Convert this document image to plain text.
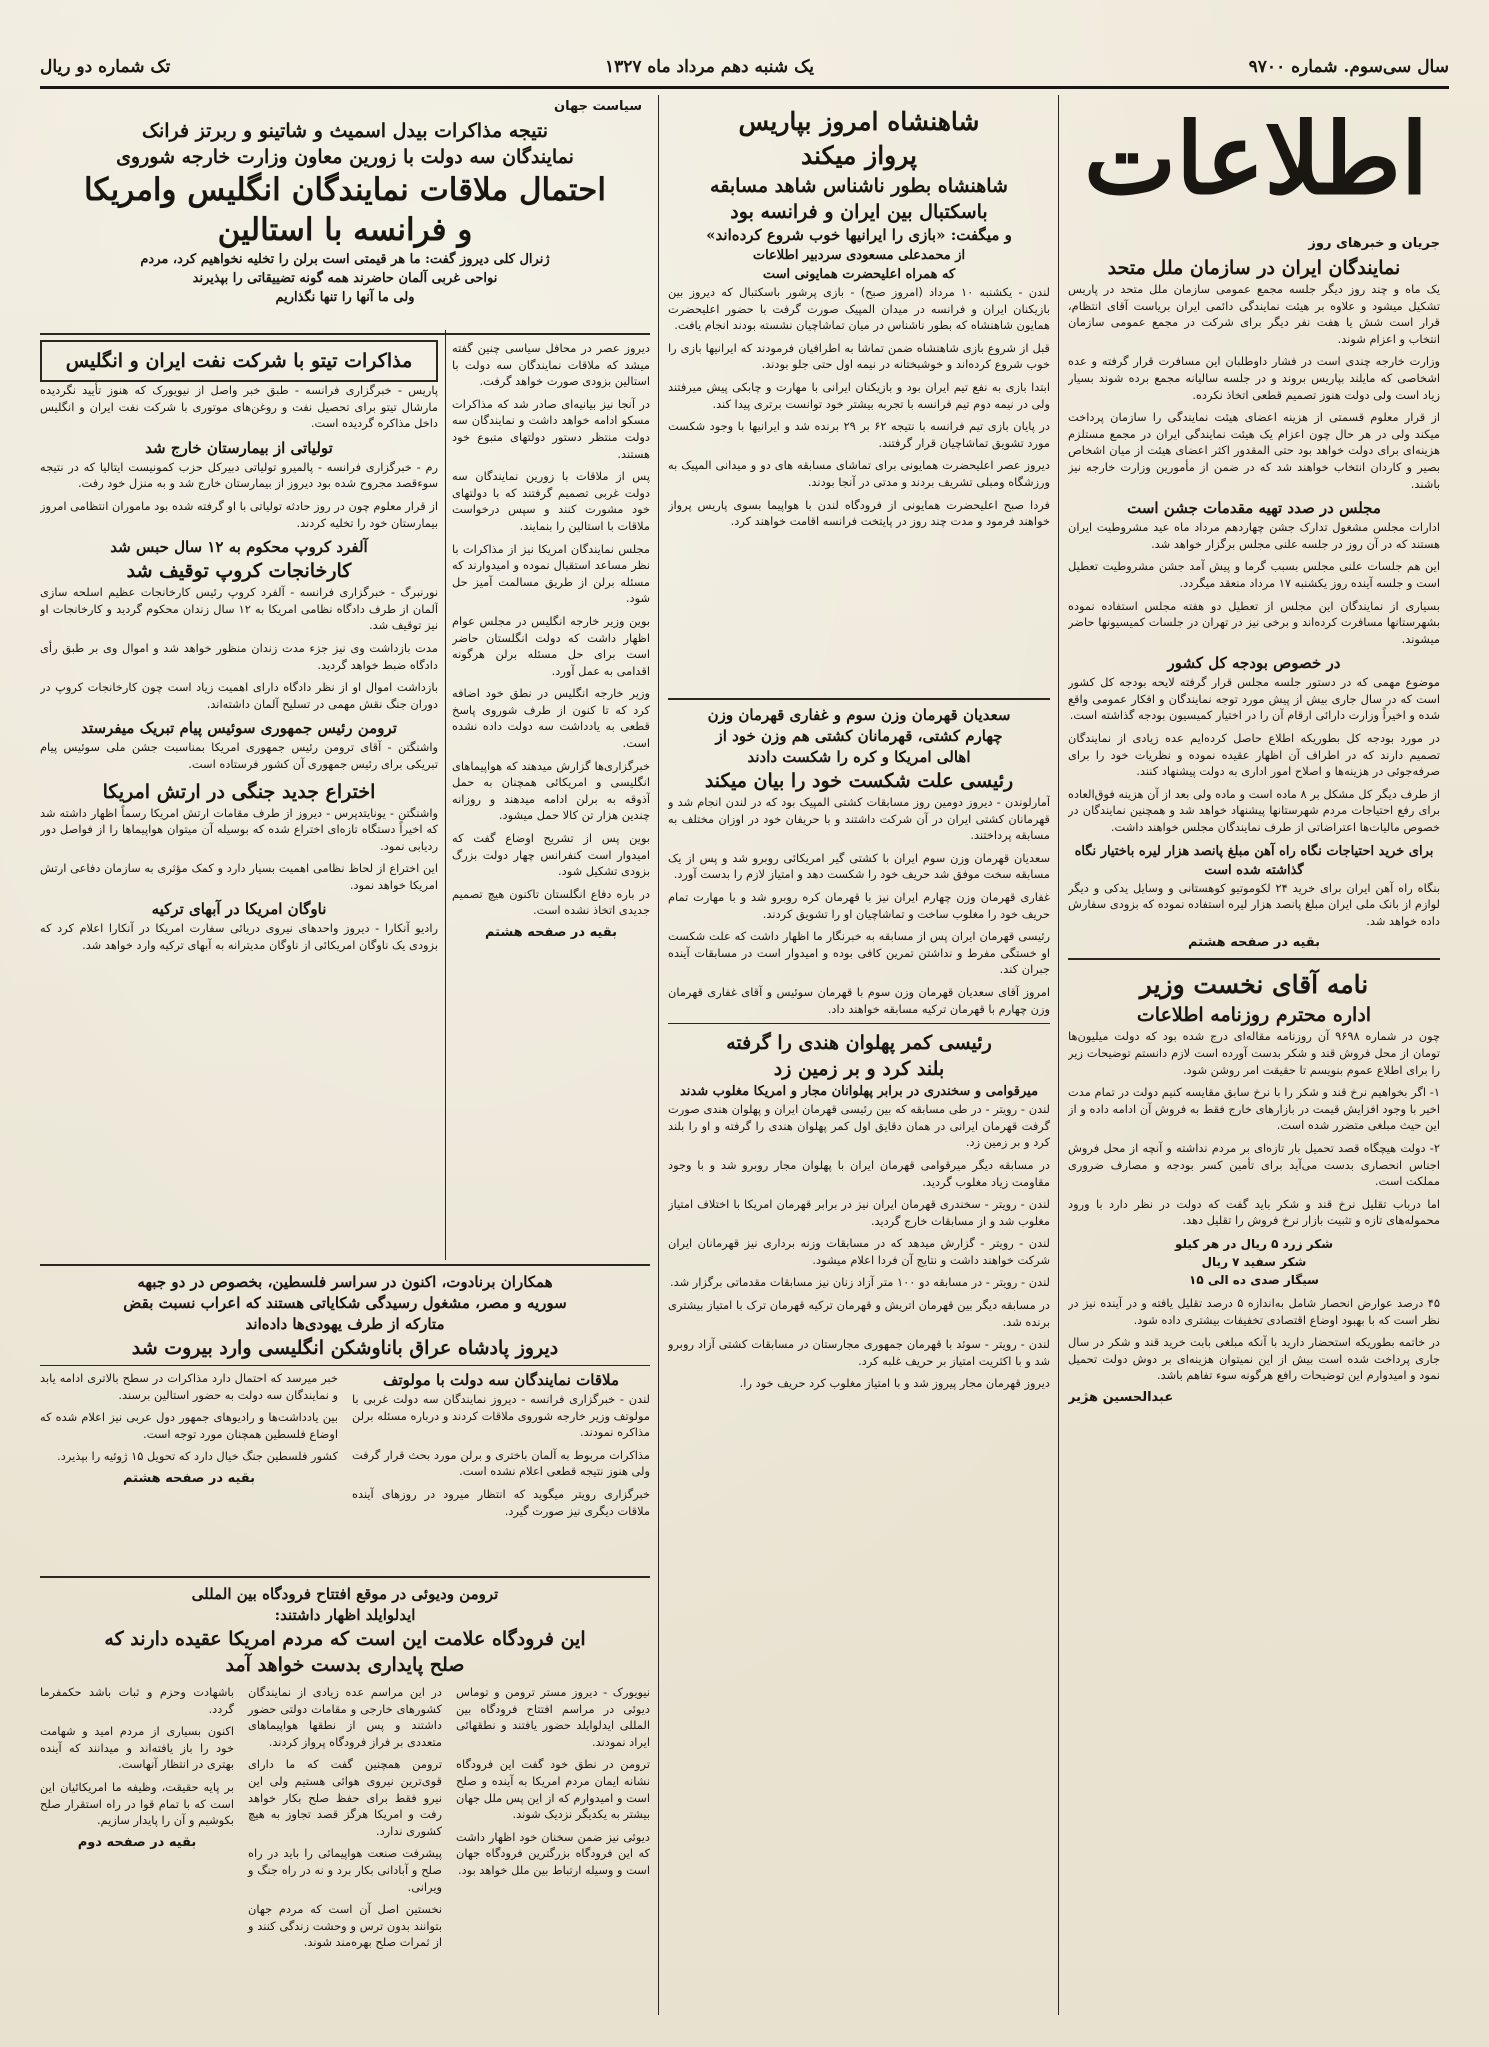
سال سی‌سوم. شماره ۹۷۰۰
یک شنبه دهم مرداد ماه ۱۳۲۷
تک شماره دو ریال
اطلاعات
جریان و خبرهای روز
نمایندگان ایران در سازمان ملل متحد

یک ماه و چند روز دیگر جلسه مجمع عمومی سازمان ملل متحد در پاریس تشکیل میشود و علاوه بر هیئت نمایندگی دائمی ایران بریاست آقای انتظام، قرار است شش یا هفت نفر دیگر برای شرکت در مجمع عمومی سازمان انتخاب و اعزام شوند.

وزارت خارجه چندی است در فشار داوطلبان این مسافرت قرار گرفته و عده اشخاصی که مایلند بپاریس بروند و در جلسه سالیانه مجمع برده شوند بسیار زیاد است ولی دولت هنوز تصمیم قطعی اتخاذ نکرده.

از قرار معلوم قسمتی از هزینه اعضای هیئت نمایندگی را سازمان پرداخت میکند ولی در هر حال چون اعزام یک هیئت نمایندگی ایران در مجمع مستلزم هزینه‌ای برای دولت خواهد بود حتی المقدور اکثر اعضای هیئت از میان اشخاص بصیر و کاردان انتخاب خواهند شد که در ضمن از مأمورین وزارت خارجه نیز باشند.

مجلس در صدد تهیه مقدمات جشن است

ادارات مجلس مشغول تدارک جشن چهاردهم مرداد ماه عید مشروطیت ایران هستند که در آن روز در جلسه علنی مجلس برگزار خواهد شد.

این هم جلسات علنی مجلس بسبب گرما و پیش آمد جشن مشروطیت تعطیل است و جلسه آینده روز یکشنبه ۱۷ مرداد منعقد میگردد.

بسیاری از نمایندگان این مجلس از تعطیل دو هفته مجلس استفاده نموده بشهرستانها مسافرت کرده‌اند و برخی نیز در تهران در جلسات کمیسیونها حاضر میشوند.

در خصوص بودجه کل کشور

موضوع مهمی که در دستور جلسه مجلس قرار گرفته لایحه بودجه کل کشور است که در سال جاری بیش از پیش مورد توجه نمایندگان و افکار عمومی واقع شده و اخیراً وزارت دارائی ارقام آن را در اختیار کمیسیون بودجه گذاشته است.

در مورد بودجه کل بطوریکه اطلاع حاصل کرده‌ایم عده زیادی از نمایندگان تصمیم دارند که در اطراف آن اظهار عقیده نموده و نظریات خود را برای صرفه‌جوئی در هزینه‌ها و اصلاح امور اداری به دولت پیشنهاد کنند.

از طرف دیگر کل مشکل بر ۸ ماده است و ماده ولی بعد از آن هزینه فوق‌العاده برای رفع احتیاجات مردم شهرستانها پیشنهاد خواهد شد و همچنین نمایندگان در خصوص مالیات‌ها اعتراضاتی از طرف نمایندگان مجلس خواهند داشت.

برای خرید احتیاجات نگاه راه آهن مبلغ پانصد هزار لیره باختیار نگاه گذاشته شده است

بنگاه راه آهن ایران برای خرید ۲۴ لکوموتیو کوهستانی و وسایل یدکی و دیگر لوازم از بانک ملی ایران مبلغ پانصد هزار لیره استفاده نموده که بزودی سفارش داده خواهد شد.

بقیه در صفحه هشتم
نامه آقای نخست وزیر
اداره محترم روزنامه اطلاعات

چون در شماره ۹۶۹۸ آن روزنامه مقاله‌ای درج شده بود که دولت میلیون‌ها تومان از محل فروش قند و شکر بدست آورده است لازم دانستم توضیحات زیر را برای اطلاع عموم بنویسم تا حقیقت امر روشن شود.

۱- اگر بخواهیم نرخ قند و شکر را با نرخ سابق مقایسه کنیم دولت در تمام مدت اخیر با وجود افزایش قیمت در بازارهای خارج فقط به فروش آن ادامه داده و از این حیث مبلغی متضرر شده است.

۲- دولت هیچگاه قصد تحمیل بار تازه‌ای بر مردم نداشته و آنچه از محل فروش اجناس انحصاری بدست می‌آید برای تأمین کسر بودجه و مصارف ضروری مملکت است.

اما درباب تقلیل نرخ قند و شکر باید گفت که دولت در نظر دارد با ورود محموله‌های تازه و تثبیت بازار نرخ فروش را تقلیل دهد.

شکر زرد ۵ ریال در هر کیلو
شکر سفید ۷ ریال
سیگار صدی ده الی ۱۵

۴۵ درصد عوارض انحصار شامل به‌اندازه ۵ درصد تقلیل یافته و در آینده نیز در نظر است که با بهبود اوضاع اقتصادی تخفیفات بیشتری داده شود.

در خاتمه بطوریکه استحضار دارید با آنکه مبلغی بابت خرید قند و شکر در سال جاری پرداخت شده است بیش از این نمیتوان هزینه‌ای بر دوش دولت تحمیل نمود و امیدوارم این توضیحات رافع هرگونه سوء تفاهم باشد.

عبدالحسین هژیر
شاهنشاه امروز بپاریس
پرواز میکند
شاهنشاه بطور ناشناس شاهد مسابقه
باسکتبال بین ایران و فرانسه بود
و میگفت: «بازی را ایرانیها خوب شروع کرده‌اند»
از محمدعلی مسعودی سردبیر اطلاعات
که همراه اعلیحضرت همایونی است

لندن - یکشنبه ۱۰ مرداد (امروز صبح) - بازی پرشور باسکتبال که دیروز بین بازیکنان ایران و فرانسه در میدان المپیک صورت گرفت با حضور اعلیحضرت همایون شاهنشاه که بطور ناشناس در میان تماشاچیان نشسته بودند انجام یافت.

قبل از شروع بازی شاهنشاه ضمن تماشا به اطرافیان فرمودند که ایرانیها بازی را خوب شروع کرده‌اند و خوشبختانه در نیمه اول حتی جلو بودند.

ابتدا بازی به نفع تیم ایران بود و بازیکنان ایرانی با مهارت و چابکی پیش میرفتند ولی در نیمه دوم تیم فرانسه با تجربه بیشتر خود توانست برتری پیدا کند.

در پایان بازی تیم فرانسه با نتیجه ۶۲ بر ۲۹ برنده شد و ایرانیها با وجود شکست مورد تشویق تماشاچیان قرار گرفتند.

دیروز عصر اعلیحضرت همایونی برای تماشای مسابقه های دو و میدانی المپیک به ورزشگاه ومبلی تشریف بردند و مدتی در آنجا بودند.

فردا صبح اعلیحضرت همایونی از فرودگاه لندن با هواپیما بسوی پاریس پرواز خواهند فرمود و مدت چند روز در پایتخت فرانسه اقامت خواهند کرد.

سعدیان قهرمان وزن سوم و غفاری قهرمان وزن
چهارم کشتی، قهرمانان کشتی هم وزن خود از
اهالی امریکا و کره را شکست دادند
رئیسی علت شکست خود را بیان میکند

آمارلوندن - دیروز دومین روز مسابقات کشتی المپیک بود که در لندن انجام شد و قهرمانان کشتی ایران در آن شرکت داشتند و با حریفان خود در اوزان مختلف به مسابقه پرداختند.

سعدیان قهرمان وزن سوم ایران با کشتی گیر امریکائی روبرو شد و پس از یک مسابقه سخت موفق شد حریف خود را شکست دهد و امتیاز لازم را بدست آورد.

غفاری قهرمان وزن چهارم ایران نیز با قهرمان کره روبرو شد و با مهارت تمام حریف خود را مغلوب ساخت و تماشاچیان او را تشویق کردند.

رئیسی قهرمان ایران پس از مسابقه به خبرنگار ما اظهار داشت که علت شکست او خستگی مفرط و نداشتن تمرین کافی بوده و امیدوار است در مسابقات آینده جبران کند.

امروز آقای سعدیان قهرمان وزن سوم با قهرمان سوئیس و آقای غفاری قهرمان وزن چهارم با قهرمان ترکیه مسابقه خواهند داد.

رئیسی کمر پهلوان هندی را گرفته
بلند کرد و بر زمین زد
میرقوامی و سخندری در برابر پهلوانان مجار و امریکا مغلوب شدند

لندن - رویتر - در طی مسابقه که بین رئیسی قهرمان ایران و پهلوان هندی صورت گرفت قهرمان ایرانی در همان دقایق اول کمر پهلوان هندی را گرفته و او را بلند کرد و بر زمین زد.

در مسابقه دیگر میرقوامی قهرمان ایران با پهلوان مجار روبرو شد و با وجود مقاومت زیاد مغلوب گردید.

لندن - رویتر - سخندری قهرمان ایران نیز در برابر قهرمان امریکا با اختلاف امتیاز مغلوب شد و از مسابقات خارج گردید.

لندن - رویتر - گزارش میدهد که در مسابقات وزنه برداری نیز قهرمانان ایران شرکت خواهند داشت و نتایج آن فردا اعلام میشود.

لندن - رویتر - در مسابقه دو ۱۰۰ متر آزاد زنان نیز مسابقات مقدماتی برگزار شد.

در مسابقه دیگر بین قهرمان اتریش و قهرمان ترکیه قهرمان ترک با امتیاز بیشتری برنده شد.

لندن - رویتر - سوئد با قهرمان جمهوری مجارستان در مسابقات کشتی آزاد روبرو شد و با اکثریت امتیاز بر حریف غلبه کرد.

دیروز قهرمان مجار پیروز شد و با امتیاز مغلوب کرد حریف خود را.

سیاست جهان
نتیجه مذاکرات بیدل اسمیث و شاتینو و ربرتز فرانک
نمایندگان سه دولت با زورین معاون وزارت خارجه شوروی
احتمال ملاقات نمایندگان انگلیس وامریکا
و فرانسه با استالین
ژنرال کلی دیروز گفت: ما هر قیمتی است برلن را تخلیه نخواهیم کرد، مردم
نواحی غربی آلمان حاضرند همه گونه تضییقاتی را بپذیرند
ولی ما آنها را تنها نگذاریم
مذاکرات تیتو با شرکت نفت ایران و انگلیس

پاریس - خبرگزاری فرانسه - طبق خبر واصل از نیویورک که هنوز تأیید نگردیده مارشال تیتو برای تحصیل نفت و روغن‌های موتوری با شرکت نفت ایران و انگلیس داخل مذاکره گردیده است.

تولیاتی از بیمارستان خارج شد

رم - خبرگزاری فرانسه - پالمیرو تولیاتی دبیرکل حزب کمونیست ایتالیا که در نتیجه سوءقصد مجروح شده بود دیروز از بیمارستان خارج شد و به منزل خود رفت.

از قرار معلوم چون در روز حادثه تولیاتی با او گرفته شده بود ماموران انتظامی امروز بیمارستان خود را تخلیه کردند.

آلفرد کروپ محکوم به ۱۲ سال حبس شد
کارخانجات کروپ توقیف شد

نورنبرگ - خبرگزاری فرانسه - آلفرد کروپ رئیس کارخانجات عظیم اسلحه سازی آلمان از طرف دادگاه نظامی امریکا به ۱۲ سال زندان محکوم گردید و کارخانجات او نیز توقیف شد.

مدت بازداشت وی نیز جزء مدت زندان منظور خواهد شد و اموال وی بر طبق رأی دادگاه ضبط خواهد گردید.

بازداشت اموال او از نظر دادگاه دارای اهمیت زیاد است چون کارخانجات کروپ در دوران جنگ نقش مهمی در تسلیح آلمان داشته‌اند.

ترومن رئیس جمهوری سوئیس پیام تبریک میفرستد

واشنگتن - آقای ترومن رئیس جمهوری امریکا بمناسبت جشن ملی سوئیس پیام تبریکی برای رئیس جمهوری آن کشور فرستاده است.

اختراع جدید جنگی در ارتش امریکا

واشنگتن - یونایتدپرس - دیروز از طرف مقامات ارتش امریکا رسماً اظهار داشته شد که اخیراً دستگاه تازه‌ای اختراع شده که بوسیله آن میتوان هواپیماها را از فواصل دور ردیابی نمود.

این اختراع از لحاظ نظامی اهمیت بسیار دارد و کمک مؤثری به سازمان دفاعی ارتش امریکا خواهد نمود.

ناوگان امریکا در آبهای ترکیه

رادیو آنکارا - دیروز واحدهای نیروی دریائی سفارت امریکا در آنکارا اعلام کرد که بزودی یک ناوگان امریکائی از ناوگان مدیترانه به آبهای ترکیه وارد خواهد شد.

دیروز عصر در محافل سیاسی چنین گفته میشد که ملاقات نمایندگان سه دولت با استالین بزودی صورت خواهد گرفت.

در آنجا نیز بیانیه‌ای صادر شد که مذاکرات مسکو ادامه خواهد داشت و نمایندگان سه دولت منتظر دستور دولتهای متبوع خود هستند.

پس از ملاقات با زورین نمایندگان سه دولت غربی تصمیم گرفتند که با دولتهای خود مشورت کنند و سپس درخواست ملاقات با استالین را بنمایند.

مجلس نمایندگان امریکا نیز از مذاکرات با نظر مساعد استقبال نموده و امیدوارند که مسئله برلن از طریق مسالمت آمیز حل شود.

بوین وزیر خارجه انگلیس در مجلس عوام اظهار داشت که دولت انگلستان حاضر است برای حل مسئله برلن هرگونه اقدامی به عمل آورد.

وزیر خارجه انگلیس در نطق خود اضافه کرد که تا کنون از طرف شوروی پاسخ قطعی به یادداشت سه دولت داده نشده است.

خبرگزاری‌ها گزارش میدهند که هواپیماهای انگلیسی و امریکائی همچنان به حمل آذوقه به برلن ادامه میدهند و روزانه چندین هزار تن کالا حمل میشود.

بوین پس از تشریح اوضاع گفت که امیدوار است کنفرانس چهار دولت بزرگ بزودی تشکیل شود.

در باره دفاع انگلستان تاکنون هیچ تصمیم جدیدی اتخاذ نشده است.

بقیه در صفحه هشتم
همکاران برنادوت، اکنون در سراسر فلسطین، بخصوص در دو جبهه
سوریه و مصر، مشغول رسیدگی شکایاتی هستند که اعراب نسبت بقض
متارکه از طرف یهودی‌ها داده‌اند
دیروز پادشاه عراق باناوشکن انگلیسی وارد بیروت شد
ملاقات نمایندگان سه دولت با مولوتف

لندن - خبرگزاری فرانسه - دیروز نمایندگان سه دولت غربی با مولوتف وزیر خارجه شوروی ملاقات کردند و درباره مسئله برلن مذاکره نمودند.

مذاکرات مربوط به آلمان باختری و برلن مورد بحث قرار گرفت ولی هنوز نتیجه قطعی اعلام نشده است.

خبرگزاری رویتر میگوید که انتظار میرود در روزهای آینده ملاقات دیگری نیز صورت گیرد.

خبر میرسد که احتمال دارد مذاکرات در سطح بالاتری ادامه یابد و نمایندگان سه دولت به حضور استالین برسند.

بین یادداشت‌ها و رادیوهای جمهور دول عربی نیز اعلام شده که اوضاع فلسطین همچنان مورد توجه است.

کشور فلسطین جنگ خیال دارد که تحویل ۱۵ ژوئیه را بپذیرد.

بقیه در صفحه هشتم
ترومن ودیوئی در موقع افتتاح فرودگاه بین المللی
ایدلوایلد اظهار داشتند:
این فرودگاه علامت این است که مردم امریکا عقیده دارند که
صلح پایداری بدست خواهد آمد

نیویورک - دیروز مستر ترومن و توماس دیوئی در مراسم افتتاح فرودگاه بین المللی ایدلوایلد حضور یافتند و نطقهائی ایراد نمودند.

ترومن در نطق خود گفت این فرودگاه نشانه ایمان مردم امریکا به آینده و صلح است و امیدوارم که از این پس ملل جهان بیشتر به یکدیگر نزدیک شوند.

دیوئی نیز ضمن سخنان خود اظهار داشت که این فرودگاه بزرگترین فرودگاه جهان است و وسیله ارتباط بین ملل خواهد بود.

در این مراسم عده زیادی از نمایندگان کشورهای خارجی و مقامات دولتی حضور داشتند و پس از نطقها هواپیماهای متعددی بر فراز فرودگاه پرواز کردند.

ترومن همچنین گفت که ما دارای قوی‌ترین نیروی هوائی هستیم ولی این نیرو فقط برای حفظ صلح بکار خواهد رفت و امریکا هرگز قصد تجاوز به هیچ کشوری ندارد.

پیشرفت صنعت هواپیمائی را باید در راه صلح و آبادانی بکار برد و نه در راه جنگ و ویرانی.

نخستین اصل آن است که مردم جهان بتوانند بدون ترس و وحشت زندگی کنند و از ثمرات صلح بهره‌مند شوند.

باشهادت وحزم و ثبات باشد حکمفرما گردد.

اکنون بسیاری از مردم امید و شهامت خود را باز یافته‌اند و میدانند که آینده بهتری در انتظار آنهاست.

بر پایه حقیقت، وظیفه ما امریکائیان این است که با تمام قوا در راه استقرار صلح بکوشیم و آن را پایدار سازیم.

بقیه در صفحه دوم
